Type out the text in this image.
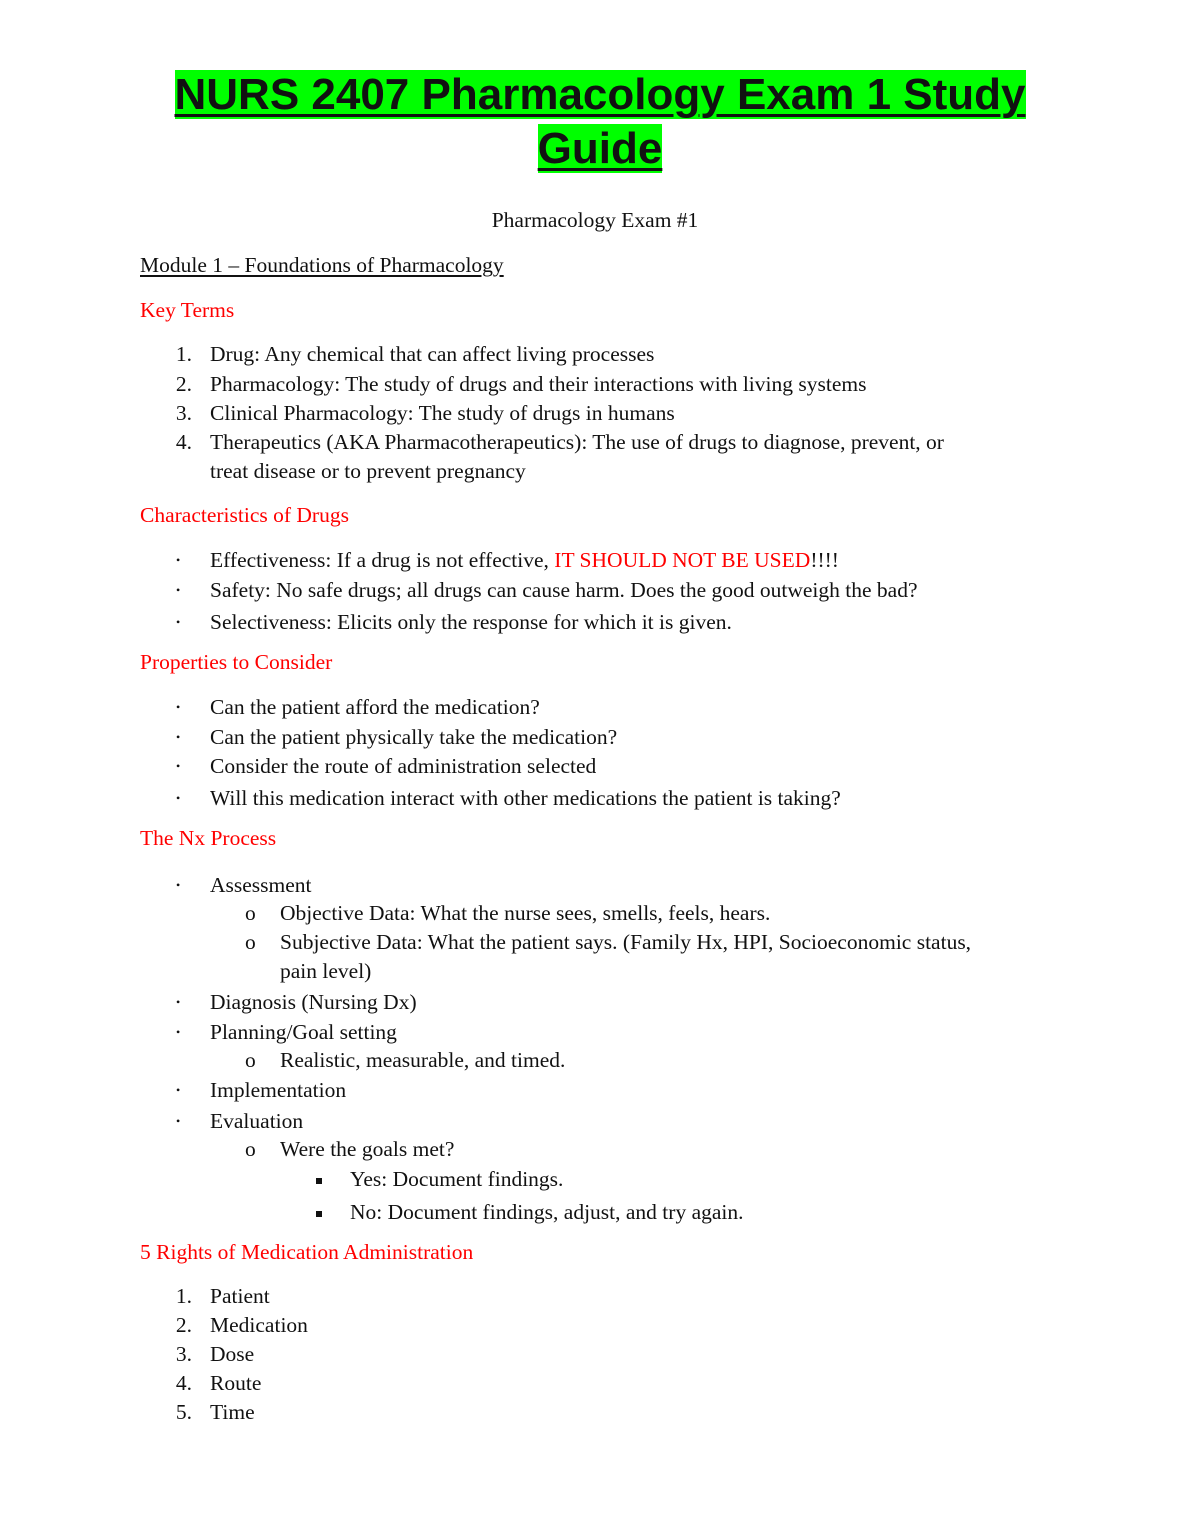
NURS 2407 Pharmacology Exam 1 Study Guide

Pharmacology Exam #1

Module 1 – Foundations of Pharmacology

Key Terms

1. Drug: Any chemical that can affect living processes
2. Pharmacology: The study of drugs and their interactions with living systems
3. Clinical Pharmacology: The study of drugs in humans
4. Therapeutics (AKA Pharmacotherapeutics): The use of drugs to diagnose, prevent, or
treat disease or to prevent pregnancy

Characteristics of Drugs

• Effectiveness: If a drug is not effective, IT SHOULD NOT BE USED!!!!
• Safety: No safe drugs; all drugs can cause harm. Does the good outweigh the bad?
• Selectiveness: Elicits only the response for which it is given.

Properties to Consider

• Can the patient afford the medication?
• Can the patient physically take the medication?
• Consider the route of administration selected
• Will this medication interact with other medications the patient is taking?

The Nx Process

• Assessment
o Objective Data: What the nurse sees, smells, feels, hears.
o Subjective Data: What the patient says. (Family Hx, HPI, Socioeconomic status,
pain level)
• Diagnosis (Nursing Dx)
• Planning/Goal setting
o Realistic, measurable, and timed.
• Implementation
• Evaluation
o Were the goals met?
Yes: Document findings.
No: Document findings, adjust, and try again.

5 Rights of Medication Administration

1. Patient
2. Medication
3. Dose
4. Route
5. Time
